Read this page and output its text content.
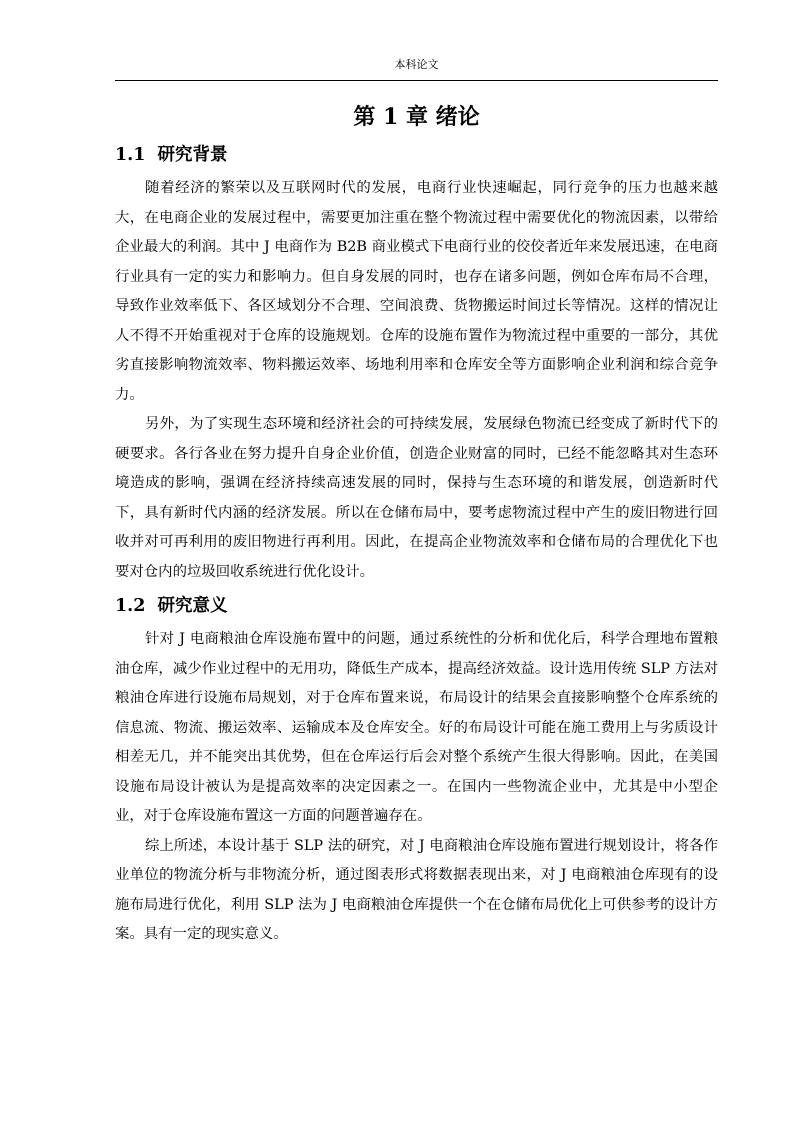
本科论文
第 1 章 绪论
1.1 研究背景

随着经济的繁荣以及互联网时代的发展，电商行业快速崛起，同行竞争的压力也越来越大，在电商企业的发展过程中，需要更加注重在整个物流过程中需要优化的物流因素，以带给企业最大的利润。其中 J 电商作为 B2B 商业模式下电商行业的佼佼者近年来发展迅速，在电商行业具有一定的实力和影响力。但自身发展的同时，也存在诸多问题，例如仓库布局不合理，导致作业效率低下、各区域划分不合理、空间浪费、货物搬运时间过长等情况。这样的情况让人不得不开始重视对于仓库的设施规划。仓库的设施布置作为物流过程中重要的一部分，其优劣直接影响物流效率、物料搬运效率、场地利用率和仓库安全等方面影响企业利润和综合竞争力。

另外，为了实现生态环境和经济社会的可持续发展，发展绿色物流已经变成了新时代下的硬要求。各行各业在努力提升自身企业价值，创造企业财富的同时，已经不能忽略其对生态环境造成的影响，强调在经济持续高速发展的同时，保持与生态环境的和谐发展，创造新时代下，具有新时代内涵的经济发展。所以在仓储布局中，要考虑物流过程中产生的废旧物进行回收并对可再利用的废旧物进行再利用。因此，在提高企业物流效率和仓储布局的合理优化下也要对仓内的垃圾回收系统进行优化设计。

1.2 研究意义

针对 J 电商粮油仓库设施布置中的问题，通过系统性的分析和优化后，科学合理地布置粮油仓库，减少作业过程中的无用功，降低生产成本，提高经济效益。设计选用传统 SLP 方法对粮油仓库进行设施布局规划，对于仓库布置来说，布局设计的结果会直接影响整个仓库系统的信息流、物流、搬运效率、运输成本及仓库安全。好的布局设计可能在施工费用上与劣质设计相差无几，并不能突出其优势，但在仓库运行后会对整个系统产生很大得影响。因此，在美国设施布局设计被认为是提高效率的决定因素之一。在国内一些物流企业中，尤其是中小型企业，对于仓库设施布置这一方面的问题普遍存在。

综上所述，本设计基于 SLP 法的研究，对 J 电商粮油仓库设施布置进行规划设计，将各作业单位的物流分析与非物流分析，通过图表形式将数据表现出来，对 J 电商粮油仓库现有的设施布局进行优化，利用 SLP 法为 J 电商粮油仓库提供一个在仓储布局优化上可供参考的设计方案。具有一定的现实意义。
